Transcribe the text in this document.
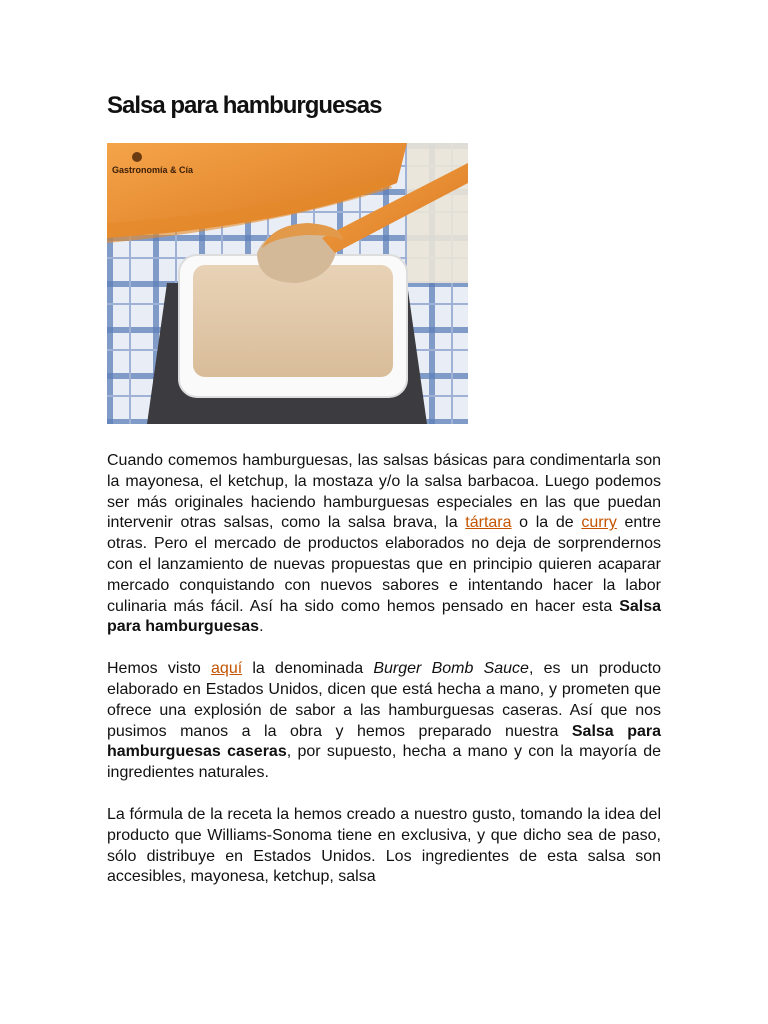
Salsa para hamburguesas
Gastronomía & Cía

Cuando comemos hamburguesas, las salsas básicas para condimentarla son la mayonesa, el ketchup, la mostaza y/o la salsa barbacoa. Luego podemos ser más originales haciendo hamburguesas especiales en las que puedan intervenir otras salsas, como la salsa brava, la tártara o la de curry entre otras. Pero el mercado de productos elaborados no deja de sorprendernos con el lanzamiento de nuevas propuestas que en principio quieren acaparar mercado conquistando con nuevos sabores e intentando hacer la labor culinaria más fácil. Así ha sido como hemos pensado en hacer esta Salsa para hamburguesas.

Hemos visto aquí la denominada Burger Bomb Sauce, es un producto elaborado en Estados Unidos, dicen que está hecha a mano, y prometen que ofrece una explosión de sabor a las hamburguesas caseras. Así que nos pusimos manos a la obra y hemos preparado nuestra Salsa para hamburguesas caseras, por supuesto, hecha a mano y con la mayoría de ingredientes naturales.

La fórmula de la receta la hemos creado a nuestro gusto, tomando la idea del producto que Williams-Sonoma tiene en exclusiva, y que dicho sea de paso, sólo distribuye en Estados Unidos. Los ingredientes de esta salsa son accesibles, mayonesa, ketchup, salsa
